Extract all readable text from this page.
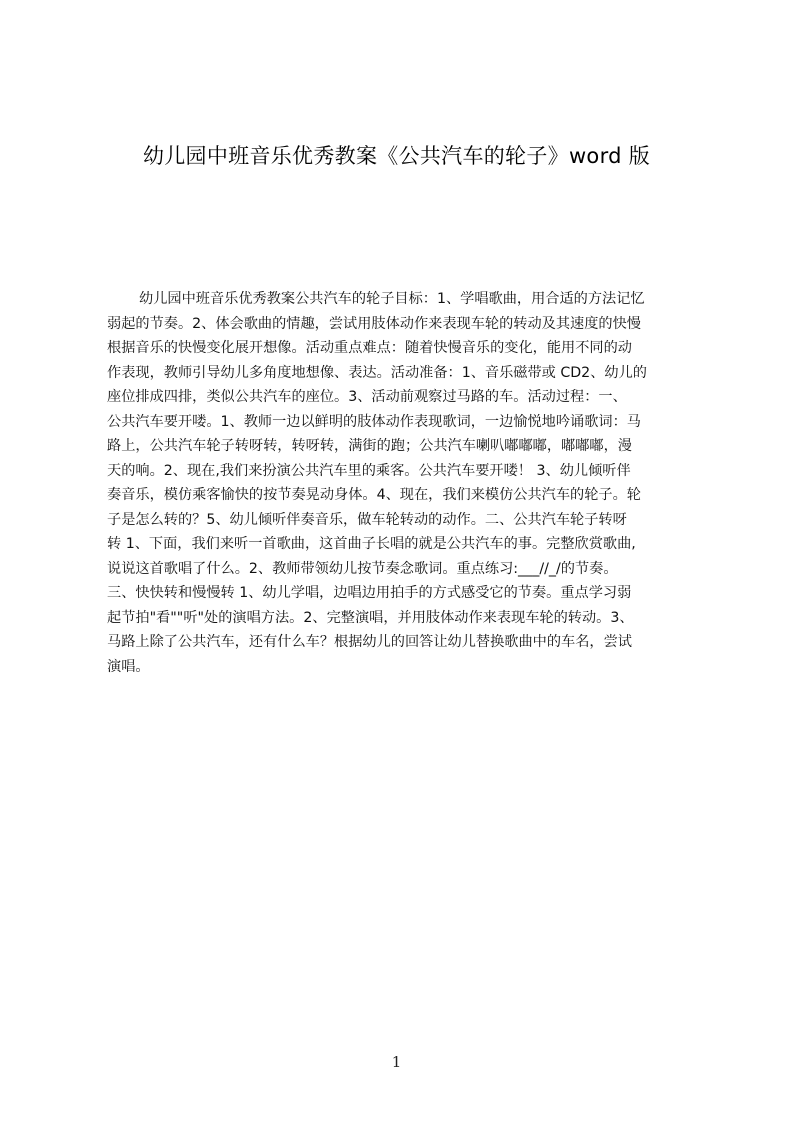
幼儿园中班音乐优秀教案《公共汽车的轮子》word 版
幼儿园中班音乐优秀教案公共汽车的轮子目标：1、学唱歌曲，用合适的方法记忆
弱起的节奏。2、体会歌曲的情趣，尝试用肢体动作来表现车轮的转动及其速度的快慢
根据音乐的快慢变化展开想像。活动重点难点：随着快慢音乐的变化，能用不同的动
作表现，教师引导幼儿多角度地想像、表达。活动准备：1、音乐磁带或 CD2、幼儿的
座位排成四排，类似公共汽车的座位。3、活动前观察过马路的车。活动过程：一、
公共汽车要开喽。1、教师一边以鲜明的肢体动作表现歌词，一边愉悦地吟诵歌词：马
路上，公共汽车轮子转呀转，转呀转，满街的跑；公共汽车喇叭嘟嘟嘟，嘟嘟嘟，漫
天的响。2、现在,我们来扮演公共汽车里的乘客。公共汽车要开喽！ 3、幼儿倾听伴
奏音乐，模仿乘客愉快的按节奏晃动身体。4、现在，我们来模仿公共汽车的轮子。轮
子是怎么转的？5、幼儿倾听伴奏音乐，做车轮转动的动作。二、公共汽车轮子转呀
转 1、下面，我们来听一首歌曲，这首曲子长唱的就是公共汽车的事。完整欣赏歌曲,
说说这首歌唱了什么。2、教师带领幼儿按节奏念歌词。重点练习:___//_/的节奏。
三、快快转和慢慢转 1、幼儿学唱，边唱边用拍手的方式感受它的节奏。重点学习弱
起节拍"看""听"处的演唱方法。2、完整演唱，并用肢体动作来表现车轮的转动。3、
马路上除了公共汽车，还有什么车？根据幼儿的回答让幼儿替换歌曲中的车名，尝试
演唱。
1
